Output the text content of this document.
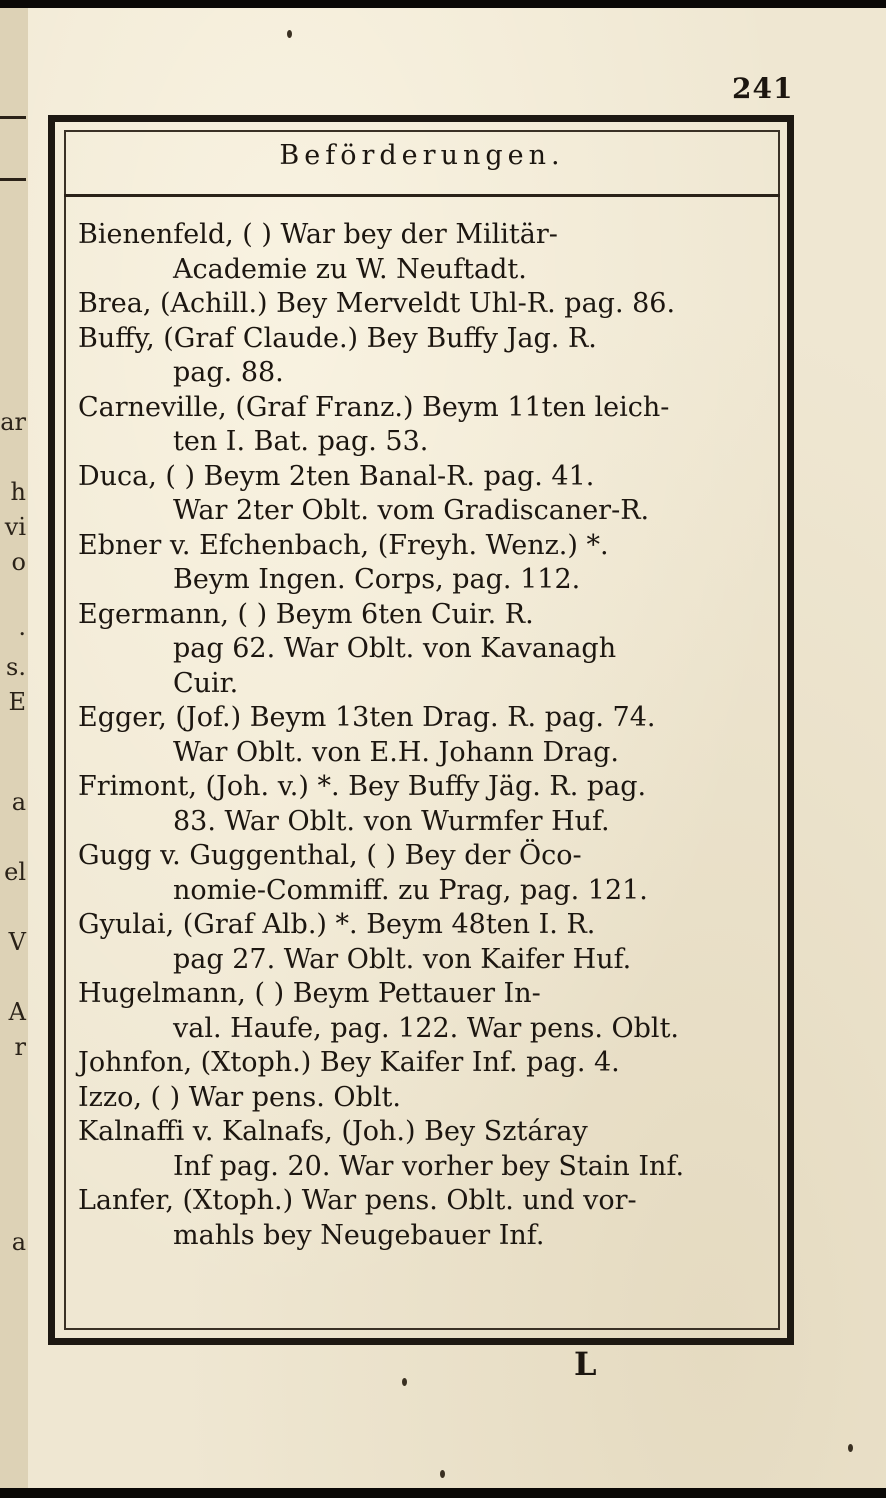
ar
h
vi
o
.
s.
E
a
el
V
A
r
a
241
Beförderungen.
Bienenfeld, ( ) War bey der Militär-
Academie zu W. Neuftadt.
Brea, (Achill.) Bey Merveldt Uhl-R. pag. 86.
Buffy, (Graf Claude.) Bey Buffy Jag. R.
pag. 88.
Carneville, (Graf Franz.) Beym 11ten leich-
ten I. Bat. pag. 53.
Duca, ( ) Beym 2ten Banal-R. pag. 41.
War 2ter Oblt. vom Gradiscaner-R.
Ebner v. Efchenbach, (Freyh. Wenz.) *.
Beym Ingen. Corps, pag. 112.
Egermann, ( ) Beym 6ten Cuir. R.
pag 62. War Oblt. von Kavanagh
Cuir.
Egger, (Jof.) Beym 13ten Drag. R. pag. 74.
War Oblt. von E.H. Johann Drag.
Frimont, (Joh. v.) *. Bey Buffy Jäg. R. pag.
83. War Oblt. von Wurmfer Huf.
Gugg v. Guggenthal, ( ) Bey der Öco-
nomie-Commiff. zu Prag, pag. 121.
Gyulai, (Graf Alb.) *. Beym 48ten I. R.
pag 27. War Oblt. von Kaifer Huf.
Hugelmann, ( ) Beym Pettauer In-
val. Haufe, pag. 122. War pens. Oblt.
Johnfon, (Xtoph.) Bey Kaifer Inf. pag. 4.
Izzo, ( ) War pens. Oblt.
Kalnaffi v. Kalnafs, (Joh.) Bey Sztáray
Inf pag. 20. War vorher bey Stain Inf.
Lanfer, (Xtoph.) War pens. Oblt. und vor-
mahls bey Neugebauer Inf.
L
